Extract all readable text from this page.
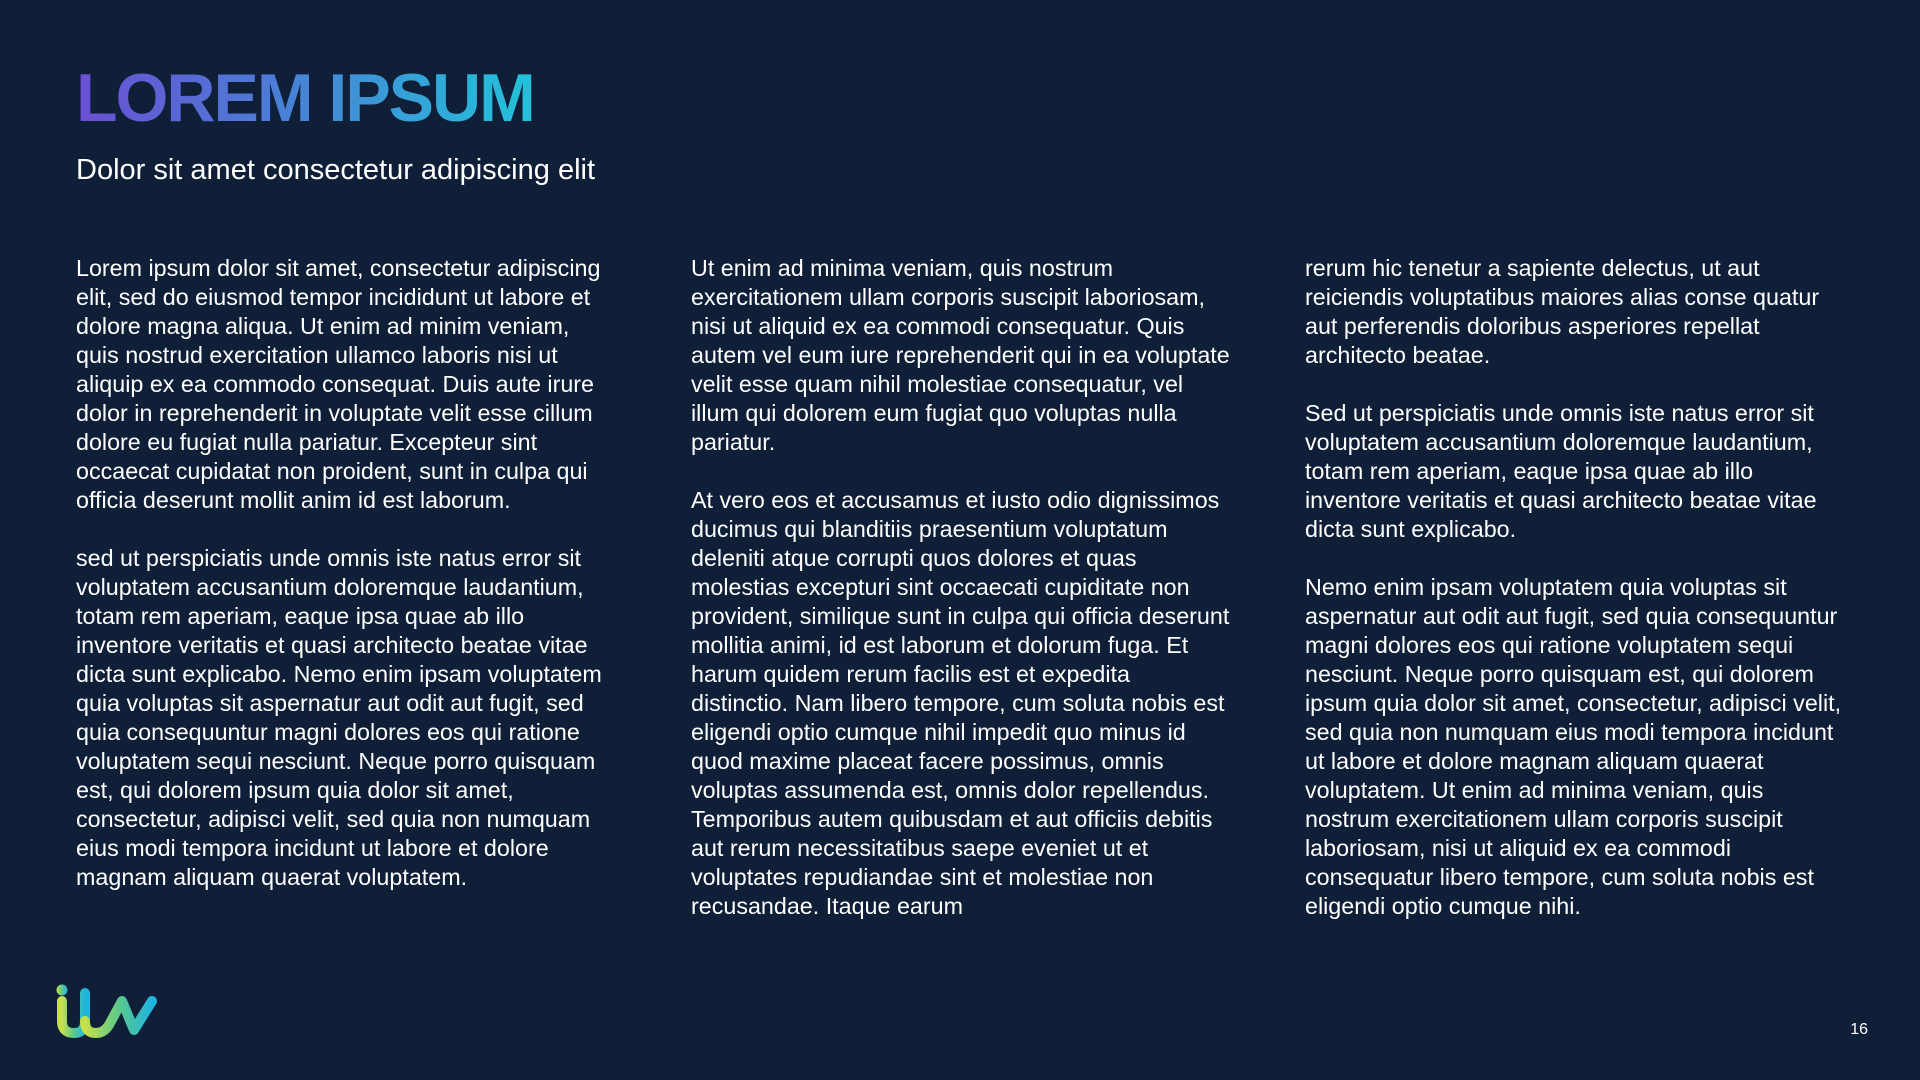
LOREM IPSUM
Dolor sit amet consectetur adipiscing elit

Lorem ipsum dolor sit amet, consectetur adipiscing elit, sed do eiusmod tempor incididunt ut labore et dolore magna aliqua. Ut enim ad minim veniam, quis nostrud exercitation ullamco laboris nisi ut aliquip ex ea commodo consequat. Duis aute irure dolor in reprehenderit in voluptate velit esse cillum dolore eu fugiat nulla pariatur. Excepteur sint occaecat cupidatat non proident, sunt in culpa qui officia deserunt mollit anim id est laborum.

sed ut perspiciatis unde omnis iste natus error sit voluptatem accusantium doloremque laudantium, totam rem aperiam, eaque ipsa quae ab illo inventore veritatis et quasi architecto beatae vitae dicta sunt explicabo. Nemo enim ipsam voluptatem quia voluptas sit aspernatur aut odit aut fugit, sed quia consequuntur magni dolores eos qui ratione voluptatem sequi nesciunt. Neque porro quisquam est, qui dolorem ipsum quia dolor sit amet, consectetur, adipisci velit, sed quia non numquam eius modi tempora incidunt ut labore et dolore magnam aliquam quaerat voluptatem.

Ut enim ad minima veniam, quis nostrum exercitationem ullam corporis suscipit laboriosam, nisi ut aliquid ex ea commodi consequatur. Quis autem vel eum iure reprehenderit qui in ea voluptate velit esse quam nihil molestiae consequatur, vel illum qui dolorem eum fugiat quo voluptas nulla pariatur.

At vero eos et accusamus et iusto odio dignissimos ducimus qui blanditiis praesentium voluptatum deleniti atque corrupti quos dolores et quas molestias excepturi sint occaecati cupiditate non provident, similique sunt in culpa qui officia deserunt mollitia animi, id est laborum et dolorum fuga. Et harum quidem rerum facilis est et expedita distinctio. Nam libero tempore, cum soluta nobis est eligendi optio cumque nihil impedit quo minus id quod maxime placeat facere possimus, omnis voluptas assumenda est, omnis dolor repellendus. Temporibus autem quibusdam et aut officiis debitis aut rerum necessitatibus saepe eveniet ut et voluptates repudiandae sint et molestiae non recusandae. Itaque earum

rerum hic tenetur a sapiente delectus, ut aut reiciendis voluptatibus maiores alias conse quatur aut perferendis doloribus asperiores repellat architecto beatae.

Sed ut perspiciatis unde omnis iste natus error sit voluptatem accusantium doloremque laudantium, totam rem aperiam, eaque ipsa quae ab illo inventore veritatis et quasi architecto beatae vitae dicta sunt explicabo.

Nemo enim ipsam voluptatem quia voluptas sit aspernatur aut odit aut fugit, sed quia consequuntur magni dolores eos qui ratione voluptatem sequi nesciunt. Neque porro quisquam est, qui dolorem ipsum quia dolor sit amet, consectetur, adipisci velit, sed quia non numquam eius modi tempora incidunt ut labore et dolore magnam aliquam quaerat voluptatem. Ut enim ad minima veniam, quis nostrum exercitationem ullam corporis suscipit laboriosam, nisi ut aliquid ex ea commodi consequatur libero tempore, cum soluta nobis est eligendi optio cumque nihi.

16
